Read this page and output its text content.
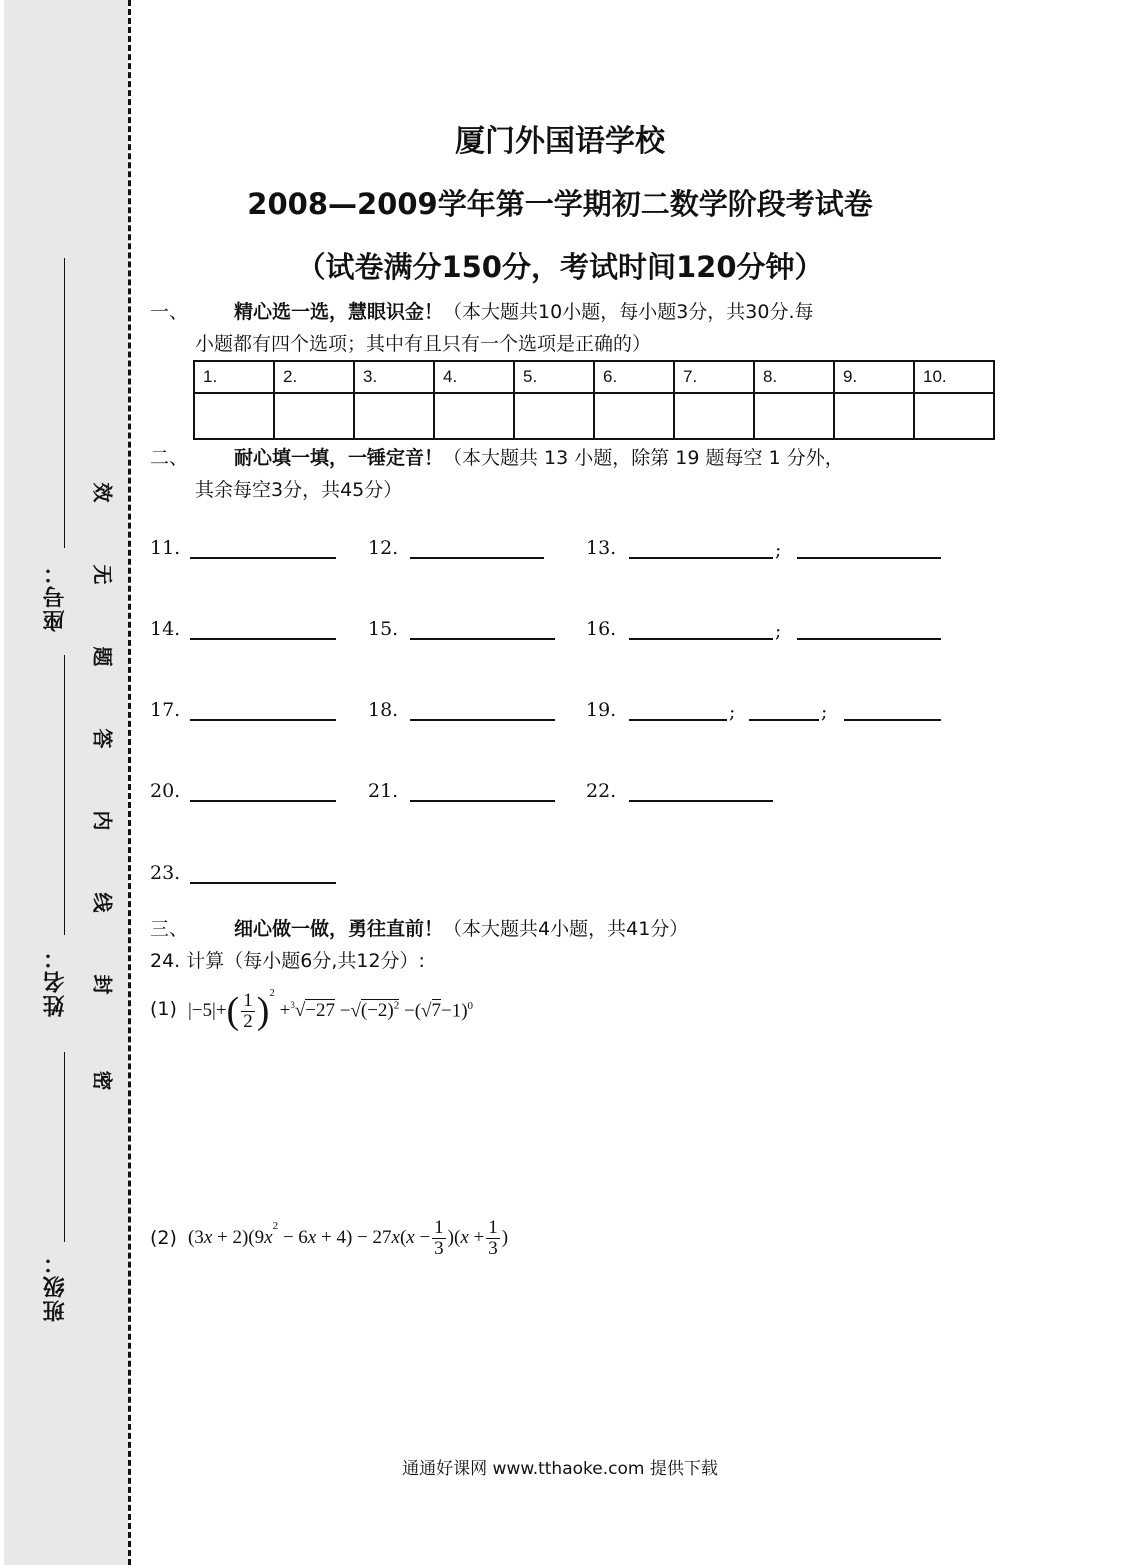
座号：
姓名：
班级：
效
无
题
答
内
线
封
密
厦门外国语学校
2008—2009学年第一学期初二数学阶段考试卷
（试卷满分150分，考试时间120分钟）
一、 精心选一选，慧眼识金！（本大题共10小题，每小题3分，共30分.每
小题都有四个选项；其中有且只有一个选项是正确的）
1.	2.	3.	4.	5.	6.	7.	8.	9.	10.

二、 耐心填一填，一锤定音！（本大题共 13 小题，除第 19 题每空 1 分外，
其余每空3分，共45分）
11.	12.	13.	;
14.	15.	16.	;
17.	18.	19.	;	;
20.	21.	22.
23.
三、 细心做一做，勇往直前！（本大题共4小题，共41分）
24. 计算（每小题6分,共12分）:
(1) |−5|+ ( $\frac{1}{2}$ ) 2
+ $^3√-27 -√(-2)^2 -(√7-1)^0$
(2) (3 x + 2)(9 x
2
− 6 x + 4) − 27 x ( $x - \frac{1}{3}$ )( $x + \frac{1}{3}$ )
通通好课网 www.tthaoke.com 提供下载
